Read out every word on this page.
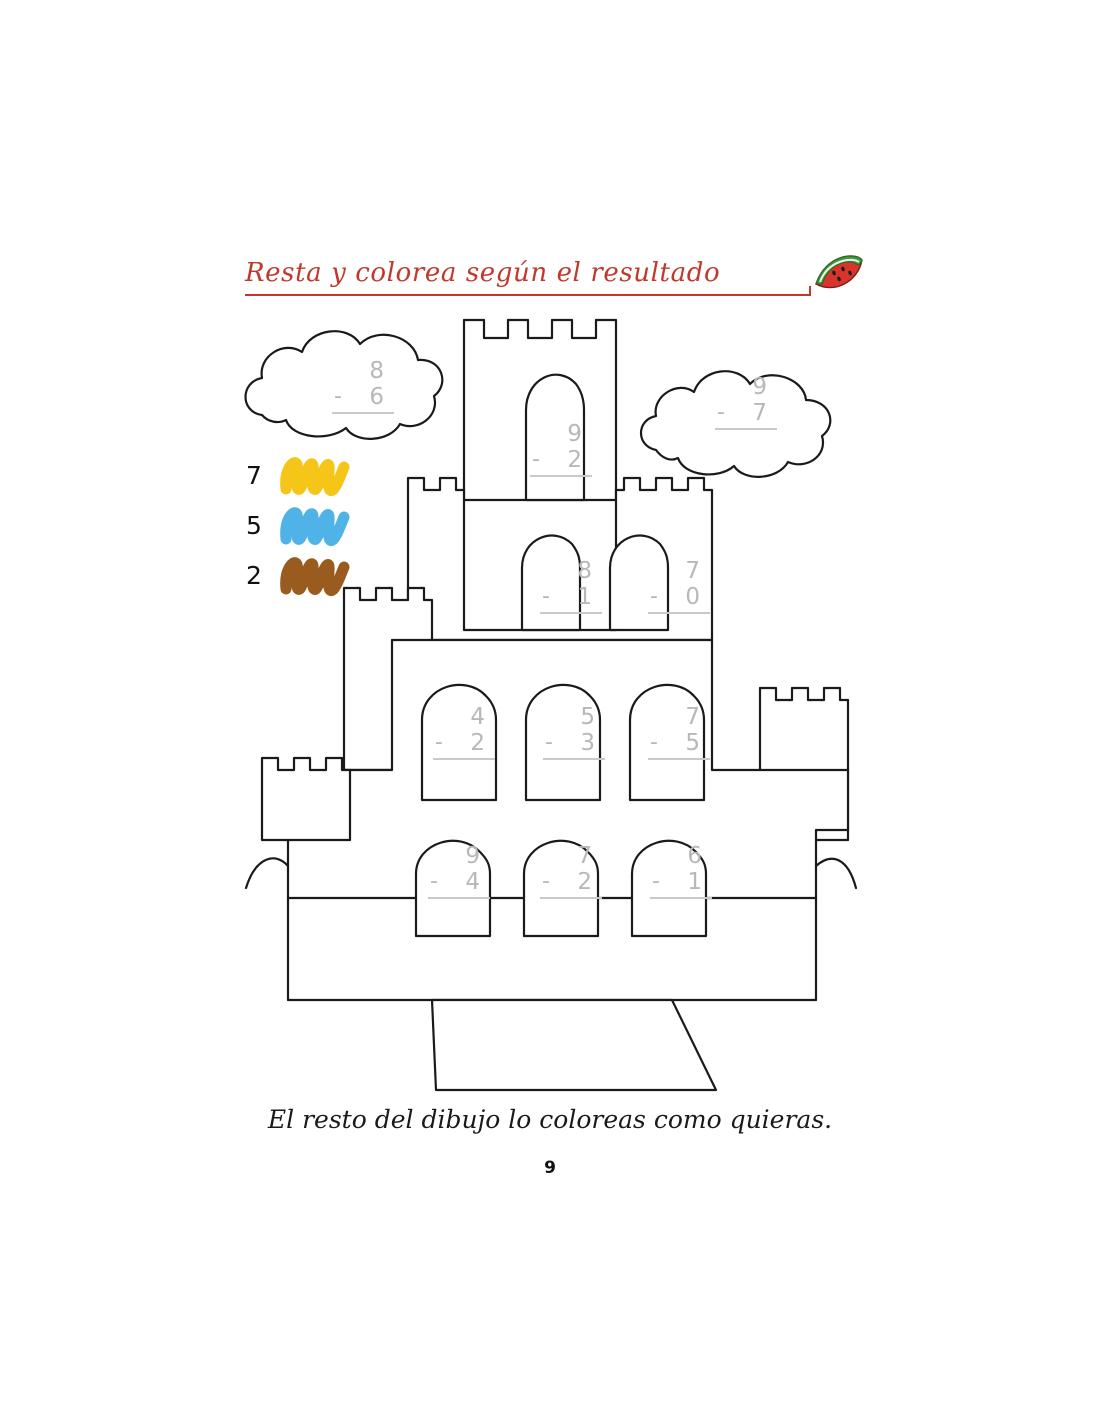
Resta y colorea según el resultado
7
5
2
-
8
6
-
9
7
-
9
2
-
8
1	-
7
0
-
4
2	-
5
3	-
7
5
-
9
4	-
7
2	-
6
1
El resto del dibujo lo coloreas como quieras.
9
